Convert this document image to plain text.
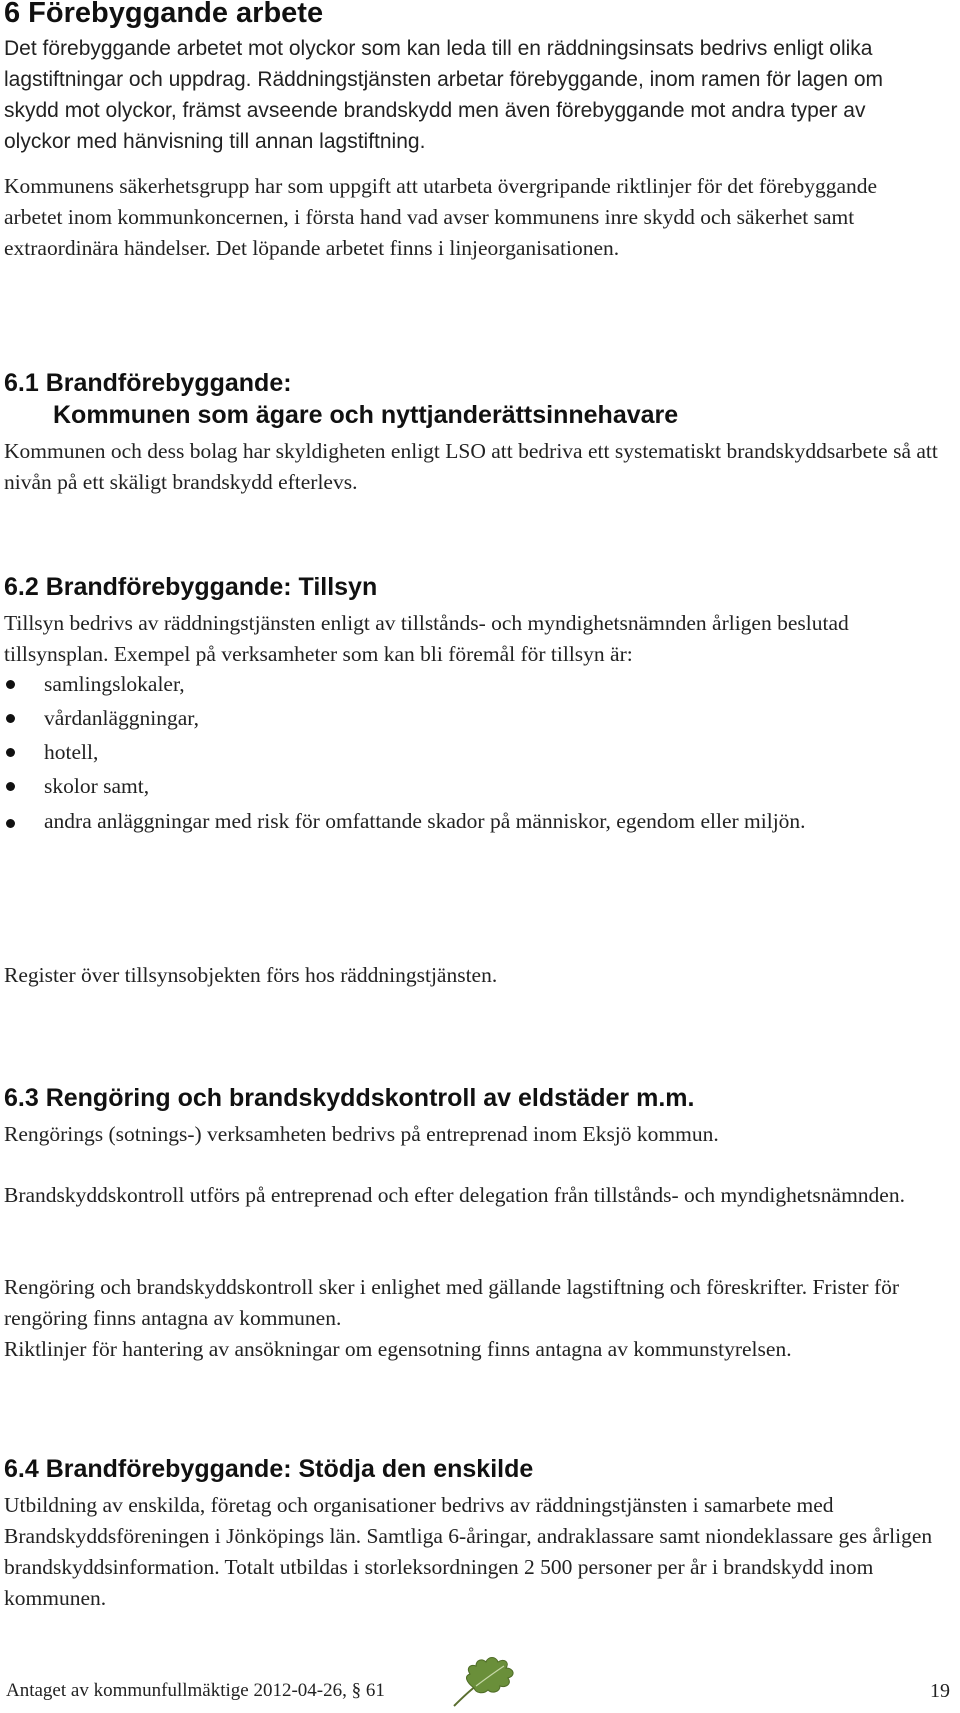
6 Förebyggande arbete

Det förebyggande arbetet mot olyckor som kan leda till en räddningsinsats bedrivs enligt olika lagstiftningar och uppdrag. Räddningstjänsten arbetar förebyggande, inom ramen för lagen om skydd mot olyckor, främst avseende brandskydd men även förebyggande mot andra typer av olyckor med hänvisning till annan lagstiftning.

Kommunens säkerhetsgrupp har som uppgift att utarbeta övergripande riktlinjer för det förebyggande arbetet inom kommunkoncernen, i första hand vad avser kommunens inre skydd och säkerhet samt extraordinära händelser. Det löpande arbetet finns i linjeorganisationen.

6.1 Brandförebyggande:
Kommunen som ägare och nyttjanderättsinnehavare

Kommunen och dess bolag har skyldigheten enligt LSO att bedriva ett systematiskt brandskyddsarbete så att nivån på ett skäligt brandskydd efterlevs.

6.2 Brandförebyggande: Tillsyn

Tillsyn bedrivs av räddningstjänsten enligt av tillstånds- och myndighetsnämnden årligen beslutad tillsynsplan. Exempel på verksamheter som kan bli föremål för tillsyn är:

samlingslokaler,
vårdanläggningar,
hotell,
skolor samt,
andra anläggningar med risk för omfattande skador på människor, egendom eller miljön.

Register över tillsynsobjekten förs hos räddningstjänsten.

6.3 Rengöring och brandskyddskontroll av eldstäder m.m.

Rengörings (sotnings-) verksamheten bedrivs på entreprenad inom Eksjö kommun.

Brandskyddskontroll utförs på entreprenad och efter delegation från tillstånds- och myndighetsnämnden.

Rengöring och brandskyddskontroll sker i enlighet med gällande lagstiftning och föreskrifter. Frister för rengöring finns antagna av kommunen.

Riktlinjer för hantering av ansökningar om egensotning finns antagna av kommunstyrelsen.

6.4 Brandförebyggande: Stödja den enskilde

Utbildning av enskilda, företag och organisationer bedrivs av räddningstjänsten i samarbete med Brandskyddsföreningen i Jönköpings län. Samtliga 6-åringar, andraklassare samt niondeklassare ges årligen brandskyddsinformation. Totalt utbildas i storleksordningen 2 500 personer per år i brandskydd inom kommunen.

Antaget av kommunfullmäktige 2012-04-26, § 61	19
